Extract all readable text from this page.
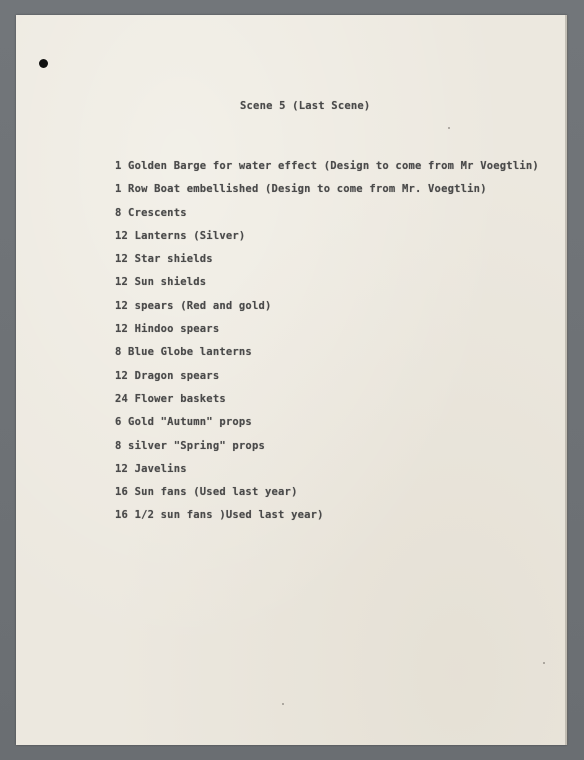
Scene 5 (Last Scene)
1 Golden Barge for water effect (Design to come from Mr Voegtlin)
1 Row Boat embellished (Design to come from Mr. Voegtlin)
8 Crescents
12 Lanterns (Silver)
12 Star shields
12 Sun shields
12 spears (Red and gold)
12 Hindoo spears
8 Blue Globe lanterns
12 Dragon spears
24 Flower baskets
6 Gold "Autumn" props
8 silver "Spring" props
12 Javelins
16 Sun fans (Used last year)
16 1/2 sun fans )Used last year)
